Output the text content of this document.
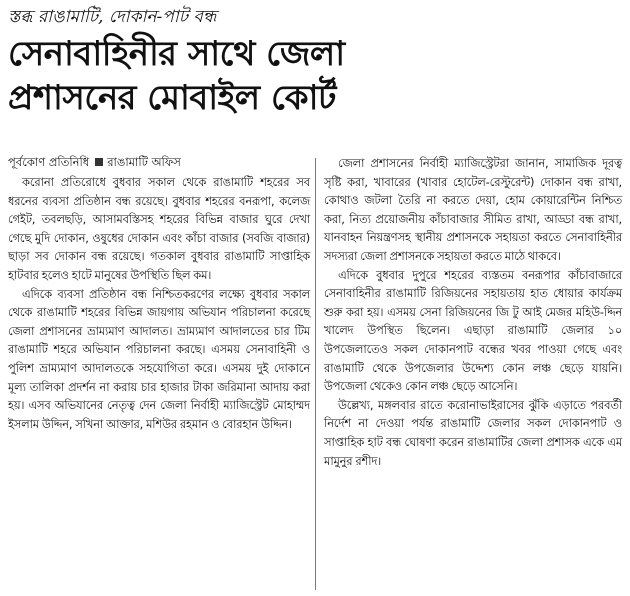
স্তব্ধ রাঙামাটি, দোকান-পাট বন্ধ
সেনাবাহিনীর সাথে জেলা
প্রশাসনের মোবাইল কোর্ট
পূর্বকোণ প্রতিনিধি রাঙামাটি অফিস

করোনা প্রতিরোধে বুধবার সকাল থেকে রাঙামাটি শহরের সব ধরনের ব্যবসা প্রতিষ্ঠান বন্ধ রয়েছে। বুধবার শহরের বনরূপা, কলেজ গেইট, তবলছড়ি, আসামবস্তিসহ শহরের বিভিন্ন বাজার ঘুরে দেখা গেছে মুদি দোকান, ওষুধের দোকান এবং কাঁচা বাজার (সবজি বাজার) ছাড়া সব দোকান বন্ধ রয়েছে। গতকাল বুধবার রাঙামাটি সাপ্তাহিক হাটবার হলেও হাটে মানুষের উপস্থিতি ছিল কম।

এদিকে ব্যবসা প্রতিষ্ঠান বন্ধ নিশ্চিতকরণের লক্ষ্যে বুধবার সকাল থেকে রাঙামাটি শহরের বিভিন্ন জায়গায় অভিযান পরিচালনা করেছে জেলা প্রশাসনের ভ্রাম্যমাণ আদালত। ভ্রাম্যমাণ আদালতের চার টিম রাঙামাটি শহরে অভিযান পরিচালনা করছে। এসময় সেনাবাহিনী ও পুলিশ ভ্রাম্যমাণ আদালতকে সহযোগিতা করে। এসময় দুই দোকানে মূল্য তালিকা প্রদর্শন না করায় চার হাজার টাকা জরিমানা আদায় করা হয়। এসব অভিযানের নেতৃত্ব দেন জেলা নির্বাহী ম্যাজিস্ট্রেট মোহাম্মদ ইসলাম উদ্দিন, সখিনা আক্তার, মশিউর রহমান ও বোরহান উদ্দিন।

জেলা প্রশাসনের নির্বাহী ম্যাজিস্ট্রেটরা জানান, সামাজিক দূরত্ব সৃষ্টি করা, খাবারের (খাবার হোটেল-রেস্টুরেন্ট) দোকান বন্ধ রাখা, কোথাও জটলা তৈরি না করতে দেয়া, হোম কোয়ারেন্টিন নিশ্চিত করা, নিত্য প্রয়োজনীয় কাঁচাবাজার সীমিত রাখা, আড্ডা বন্ধ রাখা, যানবাহন নিয়ন্ত্রণসহ স্থানীয় প্রশাসনকে সহায়তা করতে সেনাবাহিনীর সদস্যরা জেলা প্রশাসনকে সহায়তা করতে মাঠে থাকবে।

এদিকে বুধবার দুপুরে শহরের ব্যস্ততম বনরূপার কাঁচাবাজারে সেনাবাহিনীর রাঙামাটি রিজিয়নের সহায়তায় হাত ধোয়ার কার্যক্রম শুরু করা হয়। এসময় সেনা রিজিয়নের জি টু আই মেজর মহিউ-দ্দিন খালেদ উপস্থিত ছিলেন। এছাড়া রাঙামাটি জেলার ১০ উপজেলাতেও সকল দোকানপাট বন্ধের খবর পাওয়া গেছে এবং রাঙামাটি থেকে উপজেলার উদ্দেশ্য কোন লঞ্চ ছেড়ে যায়নি। উপজেলা থেকেও কোন লঞ্চ ছেড়ে আসেনি।

উল্লেখ্য, মঙ্গলবার রাতে করোনাভাইরাসের ঝুঁকি এড়াতে পরবর্তী নির্দেশ না দেওয়া পর্যন্ত রাঙামাটি জেলার সকল দোকানপাট ও সাপ্তাহিক হাট বন্ধ ঘোষণা করেন রাঙামাটির জেলা প্রশাসক একে এম মামুনুর রশীদ।
